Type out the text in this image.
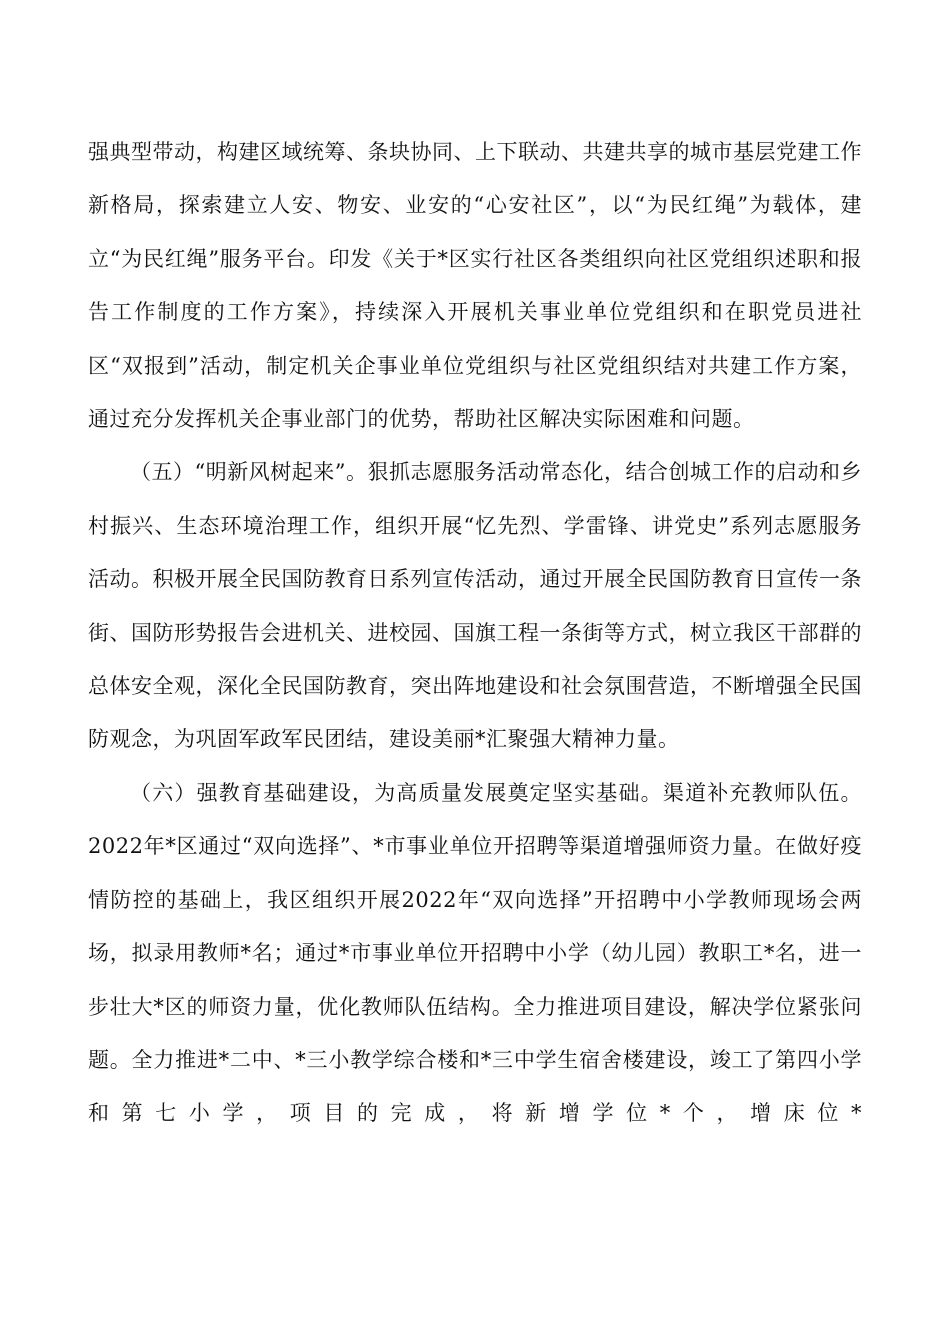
强典型带动，构建区域统筹、条块协同、上下联动、共建共享的城市基层党建工作新格局，探索建立人安、物安、业安的“心安社区”，以“为民红绳”为载体，建立“为民红绳”服务平台。印发《关于*区实行社区各类组织向社区党组织述职和报告工作制度的工作方案》，持续深入开展机关事业单位党组织和在职党员进社区“双报到”活动，制定机关企事业单位党组织与社区党组织结对共建工作方案，通过充分发挥机关企事业部门的优势，帮助社区解决实际困难和问题。

（五）“明新风树起来”。狠抓志愿服务活动常态化，结合创城工作的启动和乡村振兴、生态环境治理工作，组织开展“忆先烈、学雷锋、讲党史”系列志愿服务活动。积极开展全民国防教育日系列宣传活动，通过开展全民国防教育日宣传一条街、国防形势报告会进机关、进校园、国旗工程一条街等方式，树立我区干部群的总体安全观，深化全民国防教育，突出阵地建设和社会氛围营造，不断增强全民国防观念，为巩固军政军民团结，建设美丽*汇聚强大精神力量。

（六）强教育基础建设，为高质量发展奠定坚实基础。渠道补充教师队伍。2022年*区通过“双向选择”、*市事业单位开招聘等渠道增强师资力量。在做好疫情防控的基础上，我区组织开展2022年“双向选择”开招聘中小学教师现场会两场，拟录用教师*名；通过*市事业单位开招聘中小学（幼儿园）教职工*名，进一步壮大*区的师资力量，优化教师队伍结构。全力推进项目建设，解决学位紧张问题。全力推进*二中、*三小教学综合楼和*三中学生宿舍楼建设，竣工了第四小学和第七小学，项目的完成，将新增学位*个，增床位*
